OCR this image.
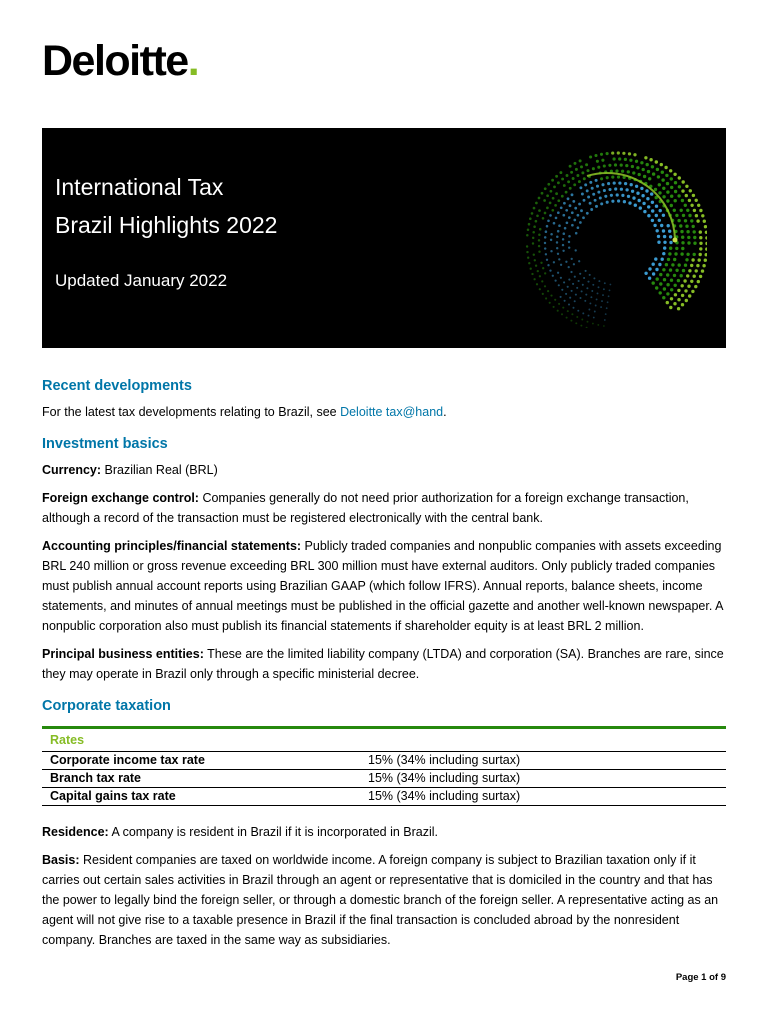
Deloitte.
International Tax
Brazil Highlights 2022
Updated January 2022
Recent developments

For the latest tax developments relating to Brazil, see Deloitte tax@hand.

Investment basics

Currency: Brazilian Real (BRL)

Foreign exchange control: Companies generally do not need prior authorization for a foreign exchange transaction, although a record of the transaction must be registered electronically with the central bank.

Accounting principles/financial statements: Publicly traded companies and nonpublic companies with assets exceeding BRL 240 million or gross revenue exceeding BRL 300 million must have external auditors. Only publicly traded companies must publish annual account reports using Brazilian GAAP (which follow IFRS). Annual reports, balance sheets, income statements, and minutes of annual meetings must be published in the official gazette and another well-known newspaper. A nonpublic corporation also must publish its financial statements if shareholder equity is at least BRL 2 million.

Principal business entities: These are the limited liability company (LTDA) and corporation (SA). Branches are rare, since they may operate in Brazil only through a specific ministerial decree.

Corporate taxation
Rates	
Corporate income tax rate	15% (34% including surtax)
Branch tax rate	15% (34% including surtax)
Capital gains tax rate	15% (34% including surtax)

Residence: A company is resident in Brazil if it is incorporated in Brazil.

Basis: Resident companies are taxed on worldwide income. A foreign company is subject to Brazilian taxation only if it carries out certain sales activities in Brazil through an agent or representative that is domiciled in the country and that has the power to legally bind the foreign seller, or through a domestic branch of the foreign seller. A representative acting as an agent will not give rise to a taxable presence in Brazil if the final transaction is concluded abroad by the nonresident company. Branches are taxed in the same way as subsidiaries.

Page 1 of 9
